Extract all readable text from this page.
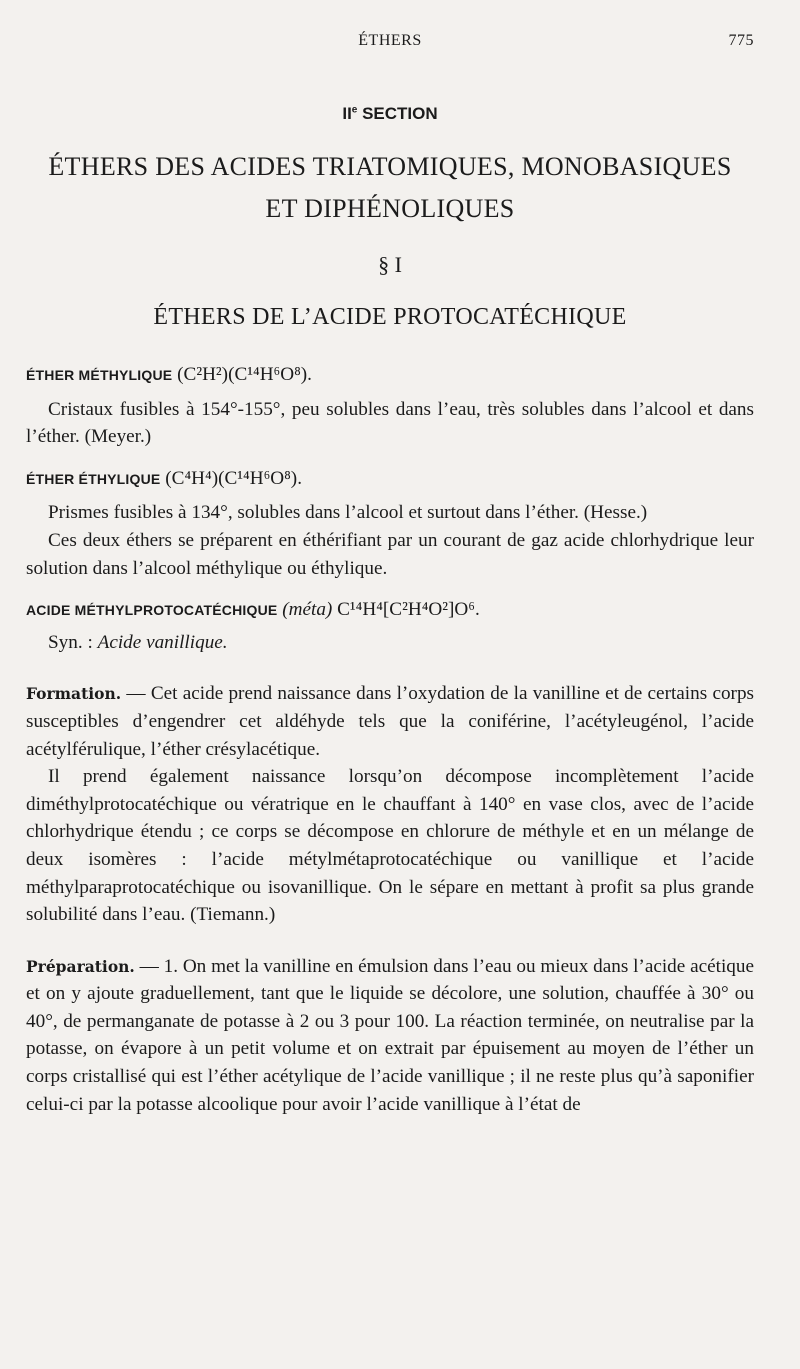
ÉTHERS	775
IIe SECTION
ÉTHERS DES ACIDES TRIATOMIQUES, MONOBASIQUES
ET DIPHÉNOLIQUES
§ I
ÉTHERS DE L’ACIDE PROTOCATÉCHIQUE
ÉTHER MÉTHYLIQUE (C²H²)(C¹⁴H⁶O⁸).

Cristaux fusibles à 154°-155°, peu solubles dans l’eau, très solubles dans l’alcool et dans l’éther. (Meyer.)

ÉTHER ÉTHYLIQUE (C⁴H⁴)(C¹⁴H⁶O⁸).

Prismes fusibles à 134°, solubles dans l’alcool et surtout dans l’éther. (Hesse.)

Ces deux éthers se préparent en éthérifiant par un courant de gaz acide chlorhydrique leur solution dans l’alcool méthylique ou éthylique.

ACIDE MÉTHYLPROTOCATÉCHIQUE (méta) C¹⁴H⁴[C²H⁴O²]O⁶.

Syn. : Acide vanillique.

Formation. — Cet acide prend naissance dans l’oxydation de la vanilline et de certains corps susceptibles d’engendrer cet aldéhyde tels que la coniférine, l’acétyleugénol, l’acide acétylférulique, l’éther crésylacétique.

Il prend également naissance lorsqu’on décompose incomplètement l’acide diméthylprotocatéchique ou vératrique en le chauffant à 140° en vase clos, avec de l’acide chlorhydrique étendu ; ce corps se décompose en chlorure de méthyle et en un mélange de deux isomères : l’acide métylmétaprotocatéchique ou vanillique et l’acide méthylparaprotocatéchique ou isovanillique. On le sépare en mettant à profit sa plus grande solubilité dans l’eau. (Tiemann.)

Préparation. — 1. On met la vanilline en émulsion dans l’eau ou mieux dans l’acide acétique et on y ajoute graduellement, tant que le liquide se décolore, une solution, chauffée à 30° ou 40°, de permanganate de potasse à 2 ou 3 pour 100. La réaction terminée, on neutralise par la potasse, on évapore à un petit volume et on extrait par épuisement au moyen de l’éther un corps cristallisé qui est l’éther acétylique de l’acide vanillique ; il ne reste plus qu’à saponifier celui-ci par la potasse alcoolique pour avoir l’acide vanillique à l’état de
